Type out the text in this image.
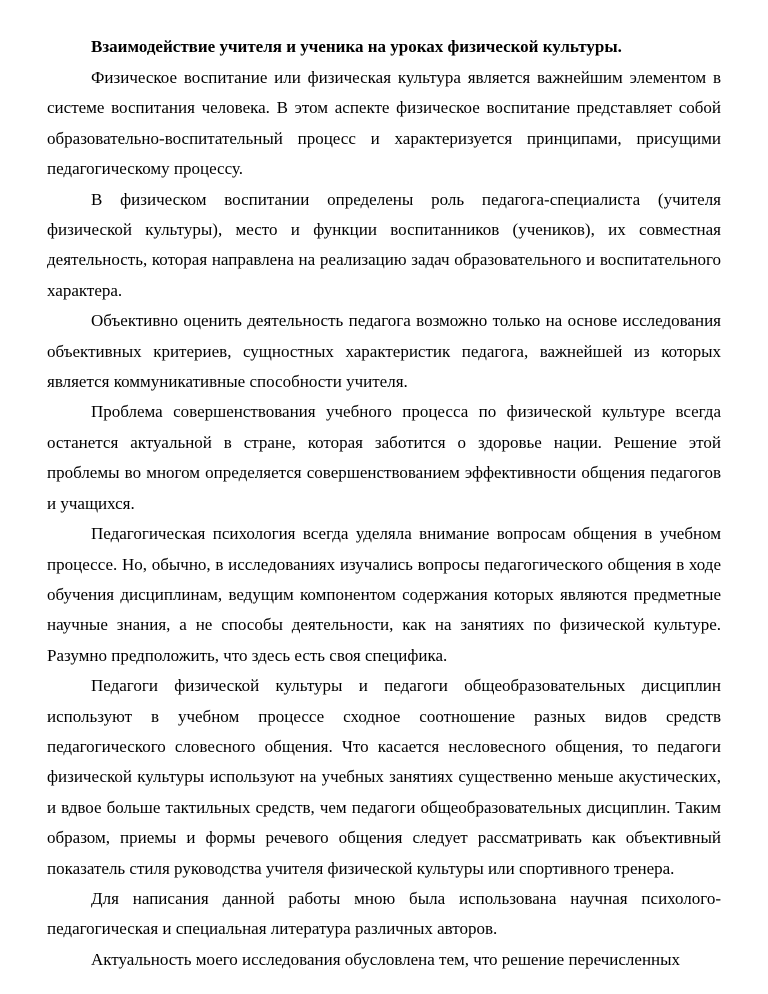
Взаимодействие учителя и ученика на уроках физической культуры.

Физическое воспитание или физическая культура является важнейшим элементом в системе воспитания человека. В этом аспекте физическое воспитание представляет собой образовательно-воспитательный процесс и характеризуется принципами, присущими педагогическому процессу.

В физическом воспитании определены роль педагога-специалиста (учителя физической культуры), место и функции воспитанников (учеников), их совместная деятельность, которая направлена на реализацию задач образовательного и воспитательного характера.

Объективно оценить деятельность педагога возможно только на основе исследования объективных критериев, сущностных характеристик педагога, важнейшей из которых является коммуникативные способности учителя.

Проблема совершенствования учебного процесса по физической культуре всегда останется актуальной в стране, которая заботится о здоровье нации. Решение этой проблемы во многом определяется совершенствованием эффективности общения педагогов и учащихся.

Педагогическая психология всегда уделяла внимание вопросам общения в учебном процессе. Но, обычно, в исследованиях изучались вопросы педагогического общения в ходе обучения дисциплинам, ведущим компонентом содержания которых являются предметные научные знания, а не способы деятельности, как на занятиях по физической культуре. Разумно предположить, что здесь есть своя специфика.

Педагоги физической культуры и педагоги общеобразовательных дисциплин используют в учебном процессе сходное соотношение разных видов средств педагогического словесного общения. Что касается несловесного общения, то педагоги физической культуры используют на учебных занятиях существенно меньше акустических, и вдвое больше тактильных средств, чем педагоги общеобразовательных дисциплин. Таким образом, приемы и формы речевого общения следует рассматривать как объективный показатель стиля руководства учителя физической культуры или спортивного тренера.

Для написания данной работы мною была использована научная психолого-педагогическая и специальная литература различных авторов.

Актуальность моего исследования обусловлена тем, что решение перечисленных
